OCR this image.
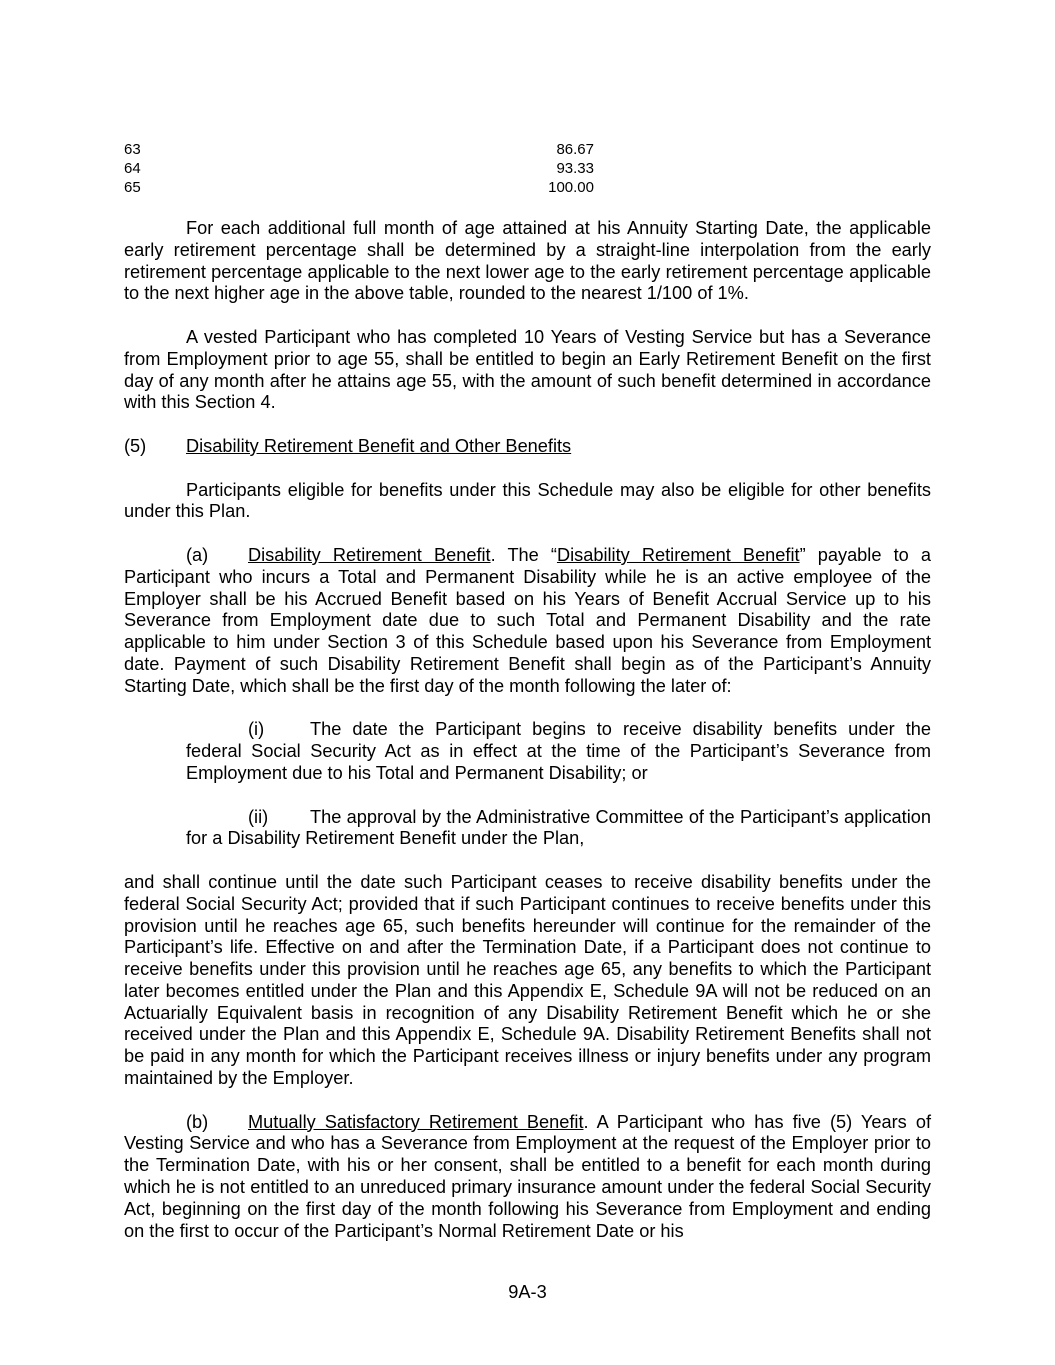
63	86.67
64	93.33
65	100.00

For each additional full month of age attained at his Annuity Starting Date, the applicable early retirement percentage shall be determined by a straight-line interpolation from the early retirement percentage applicable to the next lower age to the early retirement percentage applicable to the next higher age in the above table, rounded to the nearest 1/100 of 1%.

A vested Participant who has completed 10 Years of Vesting Service but has a Severance from Employment prior to age 55, shall be entitled to begin an Early Retirement Benefit on the first day of any month after he attains age 55, with the amount of such benefit determined in accordance with this Section 4.

(5)	Disability Retirement Benefit and Other Benefits

Participants eligible for benefits under this Schedule may also be eligible for other benefits under this Plan.

(a) Disability Retirement Benefit. The “Disability Retirement Benefit” payable to a Participant who incurs a Total and Permanent Disability while he is an active employee of the Employer shall be his Accrued Benefit based on his Years of Benefit Accrual Service up to his Severance from Employment date due to such Total and Permanent Disability and the rate applicable to him under Section 3 of this Schedule based upon his Severance from Employment date. Payment of such Disability Retirement Benefit shall begin as of the Participant’s Annuity Starting Date, which shall be the first day of the month following the later of:

(i)	The date the Participant begins to receive disability benefits under the federal Social Security Act as in effect at the time of the Participant’s Severance from Employment due to his Total and Permanent Disability; or

(ii) The approval by the Administrative Committee of the Participant’s application for a Disability Retirement Benefit under the Plan,

and shall continue until the date such Participant ceases to receive disability benefits under the federal Social Security Act; provided that if such Participant continues to receive benefits under this provision until he reaches age 65, such benefits hereunder will continue for the remainder of the Participant’s life. Effective on and after the Termination Date, if a Participant does not continue to receive benefits under this provision until he reaches age 65, any benefits to which the Participant later becomes entitled under the Plan and this Appendix E, Schedule 9A will not be reduced on an Actuarially Equivalent basis in recognition of any Disability Retirement Benefit which he or she received under the Plan and this Appendix E, Schedule 9A. Disability Retirement Benefits shall not be paid in any month for which the Participant receives illness or injury benefits under any program maintained by the Employer.

(b) Mutually Satisfactory Retirement Benefit. A Participant who has five (5) Years of Vesting Service and who has a Severance from Employment at the request of the Employer prior to the Termination Date, with his or her consent, shall be entitled to a benefit for each month during which he is not entitled to an unreduced primary insurance amount under the federal Social Security Act, beginning on the first day of the month following his Severance from Employment and ending on the first to occur of the Participant’s Normal Retirement Date or his

9A-3
